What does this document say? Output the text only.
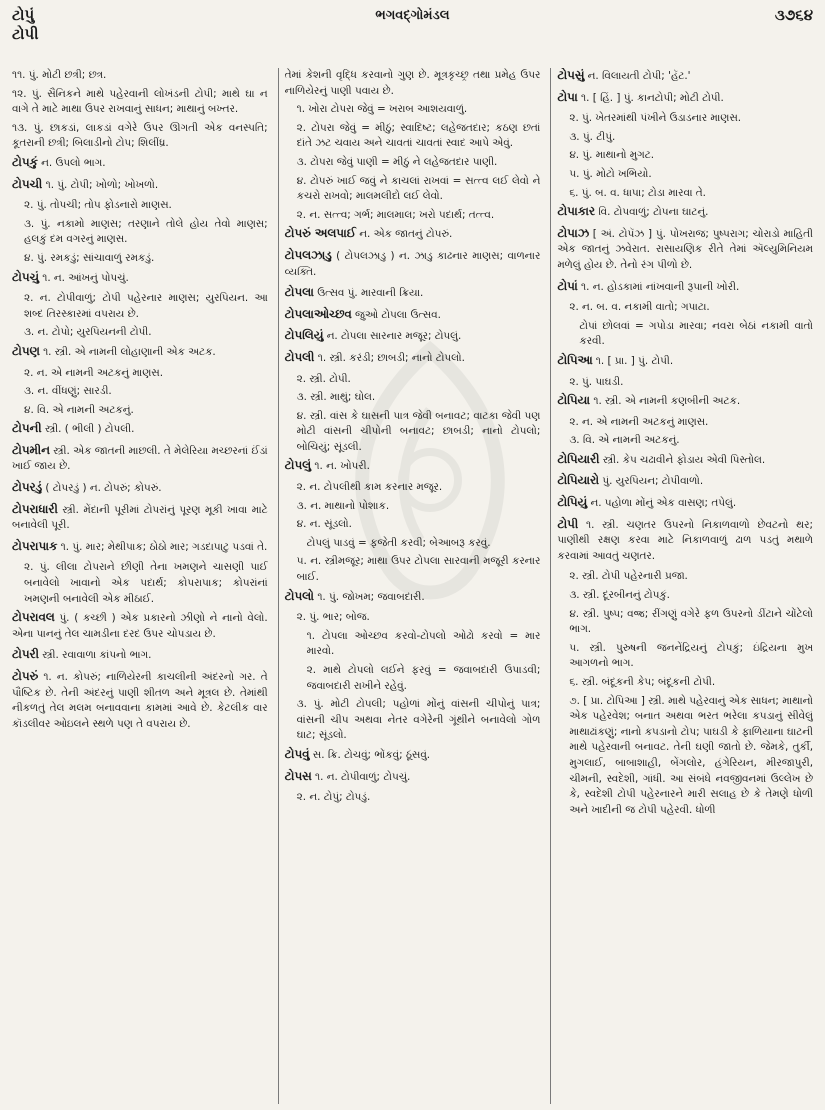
ટોપું
ટોપી
ભગવદ્ગોમંડલ	૩૭૬૪
૧૧. પું. મોટી છત્રી; છત્ર.
૧૨. પું. સૈનિકને માથે પહેરવાની લોખંડની ટોપી; માથે ઘા ન વાગે તે માટે માથા ઉપર રાખવાનું સાધન; માથાનું બખ્તર.
૧૩. પું. છાકડાં, લાકડાં વગેરે ઉપર ઊગતી એક વનસ્પતિ; કૂતરાની છત્રી; બિલાડીનો ટોપ; શિલીંધ્ર.
ટોપકું ન. ઉપલો ભાગ.
ટોપચી ૧. પું. ટોપી; ખોળો; ખોખળો.
૨. પું. તોપચી; તોપ ફોડનારો માણસ.
૩. પું. નકામો માણસ; તરણાને તોલે હોય તેવો માણસ; હલકું દમ વગરનું માણસ.
૪. પું. રમકડું; સાંચાવાળું રમકડું.
ટોપચું ૧. ન. આંખનું પોપચું.
૨. ન. ટોપીવાળું; ટોપી પહેરનાર માણસ; યુરપિયન. આ શબ્દ તિરસ્કારમાં વપરાય છે.
૩. ન. ટોપો; યુરપિયનની ટોપી.
ટોપણ ૧. સ્ત્રી. એ નામની લોહાણાની એક અટક.
૨. ન. એ નામની અટકનું માણસ.
૩. ન. વીંધણું; સારડી.
૪. વિ. એ નામની અટકનું.
ટોપની સ્ત્રી. ( ભીલી ) ટોપલી.
ટોપમીન સ્ત્રી. એક જાતની માછલી. તે મેલેરિયા મચ્છરનાં ઈંડાં ખાઈ જાય છે.
ટોપરડું ( ટોપરડું ) ન. ટોપરું; કોપરું.
ટોપરાધારી સ્ત્રી. મેંદાની પૂરીમાં ટોપરાંનું પૂરણ મૂકી ખાવા માટે બનાવેલી પૂરી.
ટોપરાપાક ૧. પું. માર; મેથીપાક; ઠોઠો માર; ગડદાપાટુ પડવાં તે.
૨. પું. લીલા ટોપરાને છીણી તેના ખમણને ચાસણી પાઈ બનાવેલો ખાવાનો એક પદાર્થ; કોપરાપાક; કોપરાંનાં ખમણની બનાવેલી એક મીઠાઈ.
ટોપરાવલ પું. ( કચ્છી ) એક પ્રકારનો ઝીણો ને નાનો વેલો. એના પાનનું તેલ ચામડીના દરદ ઉપર ચોપડાય છે.
ટોપરી સ્ત્રી. રવાવાળા કાંપનો ભાગ.
ટોપરું ૧. ન. કોપરું; નાળિયેરની કાચલીની અંદરનો ગર. તે પૌષ્ટિક છે. તેની અંદરનું પાણી શીતળ અને મૂત્રલ છે. તેમાંથી નીકળતું તેલ મલમ બનાવવાના કામમાં આવે છે. કેટલીક વાર કૉડલીવર ઓઇલને સ્થળે પણ તે વપરાય છે.
તેમાં કેશની વૃદ્ધિ કરવાનો ગુણ છે. મૂત્રકૃચ્છ્ર તથા પ્રમેહ ઉપર નાળિયેરનું પાણી પવાય છે.
૧. ખોરા ટોપરા જેવું = ખરાબ આશયવાળું.
૨. ટોપરા જેવું = મીઠું; સ્વાદિષ્ટ; લહેજતદાર; કઠણ છતાં દાંતે ઝટ ચવાય અને ચાવતાં ચાવતાં સ્વાદ આપે એવું.
૩. ટોપરા જેવું પાણી = મીઠું ને લહેજતદાર પાણી.
૪. ટોપરું ખાઈ જવું ને કાચલાં રાખવાં = સત્ત્વ લઈ લેવો ને કચરો રાખવો; માલમલીદો લઈ લેવો.
૨. ન. સત્ત્વ; ગર્ભ; માલમાલ; ખરો પદાર્થ; તત્ત્વ.
ટોપરું અલપાઈ ન. એક જાતનું ટોપરું.
ટોપલઝાડુ ( ટોપલઝાડુ ) ન. ઝાડુ કાઢનાર માણસ; વાળનાર વ્યક્તિ.
ટોપલા ઉત્સવ પું. મારવાની ક્રિયા.
ટોપલાઓચ્છવ જુઓ ટોપલા ઉત્સવ.
ટોપલિયું ન. ટોપલા સારનાર મજૂર; ટોપલું.
ટોપલી ૧. સ્ત્રી. કરંડી; છાબડી; નાનો ટોપલો.
૨. સ્ત્રી. ટોપી.
૩. સ્ત્રી. માથું; ઘોલ.
૪. સ્ત્રી. વાંસ કે ઘાસની પાત્ર જેવી બનાવટ; વાટકા જેવી પણ મોટી વાંસની ચીપોની બનાવટ; છાબડી; નાનો ટોપલો; બોચિયું; સૂંડલી.
ટોપલું ૧. ન. ખોપરી.
૨. ન. ટોપલીથી કામ કરનાર મજૂર.
૩. ન. માથાનો પોશાક.
૪. ન. સૂંડલો.
ટોપલું પાડવું = ફજેતી કરવી; બેઆબરૂ કરવું.
૫. ન. સ્ત્રીમજૂર; માથા ઉપર ટોપલા સારવાની મજૂરી કરનાર બાઈ.
ટોપલો ૧. પું. જોખમ; જવાબદારી.
૨. પું. ભાર; બોજ.
૧. ટોપલા ઓચ્છવ કરવો-ટોપલો ઓઢો કરવો = માર મારવો.
૨. માથે ટોપલો લઈને ફરવું = જવાબદારી ઉપાડવી; જવાબદારી રાખીને રહેવું.
૩. પું. મોટી ટોપલી; પહોળાં મોંનું વાંસની ચીપોનું પાત્ર; વાંસની ચીપ અથવા નેતર વગેરેની ગૂંથીને બનાવેલો ગોળ ઘાટ; સૂંડલો.
ટોપવું સ. ક્રિ. ટોચવું; ભોંકવું; ઠૂંસવું.
ટોપસ ૧. ન. ટોપીવાળું; ટોપચું.
૨. ન. ટોપું; ટોપડું.
ટોપસું ન. વિલાયતી ટોપી; 'હૅટ.'
ટોપા ૧. [ હિં. ] પું. કાનટોપી; મોટી ટોપી.
૨. પું. ખેતરમાંથી પંખીને ઉડાડનાર માણસ.
૩. પું. ટીપું.
૪. પું. માથાનો મુગટ.
૫. પું. મોટો ખભિયો.
૬. પું. બ. વ. ધાપા; ટોડા મારવા તે.
ટોપાકાર વિ. ટોપવાળું; ટોપના ઘાટનું.
ટોપાઝ [ અં. ટોપૅઝ ] પું. પોખરાજ; પુષ્પરાગ; ચોરાડો માહિતી એક જાતનું ઝવેરાત. રાસાયણિક રીતે તેમાં ઍલ્યુમિનિયમ મળેલું હોય છે. તેનો રંગ પીળો છે.
ટોપાં ૧. ન. હોડકામાં નાંખવાની રૂપાની ખોરી.
૨. ન. બ. વ. નકામી વાતો; ગપાટા.
ટોપાં છોલવાં = ગપોડા મારવા; નવરા બેઠાં નકામી વાતો કરવી.
ટોપિઆ ૧. [ પ્રા. ] પું. ટોપી.
૨. પું. પાઘડી.
ટોપિયા ૧. સ્ત્રી. એ નામની કણબીની અટક.
૨. ન. એ નામની અટકનું માણસ.
૩. વિ. એ નામની અટકનું.
ટોપિયારી સ્ત્રી. કેપ ચઢાવીને ફોડાય એવી પિસ્તોલ.
ટોપિયારો પું. યુરપિયન; ટોપીવાળો.
ટોપિયું ન. પહોળા મોંનું એક વાસણ; તપેલું.
ટોપી ૧. સ્ત્રી. ચણતર ઉપરનો નિકાળવાળો છેવટનો થર; પાણીથી રક્ષણ કરવા માટે નિકાળવાળું ઢાળ પડતું મથાળે કરવામાં આવતું ચણતર.
૨. સ્ત્રી. ટોપી પહેરનારી પ્રજા.
૩. સ્ત્રી. દૂરબીનનું ટોપકું.
૪. સ્ત્રી. પુષ્પ; વજ્ર; રીંગણું વગેરે ફળ ઉપરનો ડીંટાને ચોંટેલો ભાગ.
૫. સ્ત્રી. પુરુષની જનનેંદ્રિયનું ટોપકું; ઇંદ્રિયના મુખ આગળનો ભાગ.
૬. સ્ત્રી. બંદૂકની કેપ; બંદૂકની ટોપી.
૭. [ પ્રા. ટોપિઆ ] સ્ત્રી. માથે પહેરવાનું એક સાધન; માથાનો એક પહેરવેશ; બનાત અથવા ભરત ભરેલા કપડાનું સીવેલું માથાઢાંકણું; નાનો કપડાનો ટોપ; પાઘડી કે ફાળિયાના ઘાટની માથે પહેરવાની બનાવટ. તેની ઘણી જાતો છે. જેમકે, તુર્કી, મુગલાઈ, બાબાશાહી, બેંગલોર, હંગેરિયન, મીરજાપુરી, ચીમની, સ્વદેશી, ગાંધી. આ સંબંધે નવજીવનમાં ઉલ્લેખ છે કે, સ્વદેશી ટોપી પહેરનારને મારી સલાહ છે કે તેમણે ધોળી અને ખાદીની જ ટોપી પહેરવી. ધોળી
